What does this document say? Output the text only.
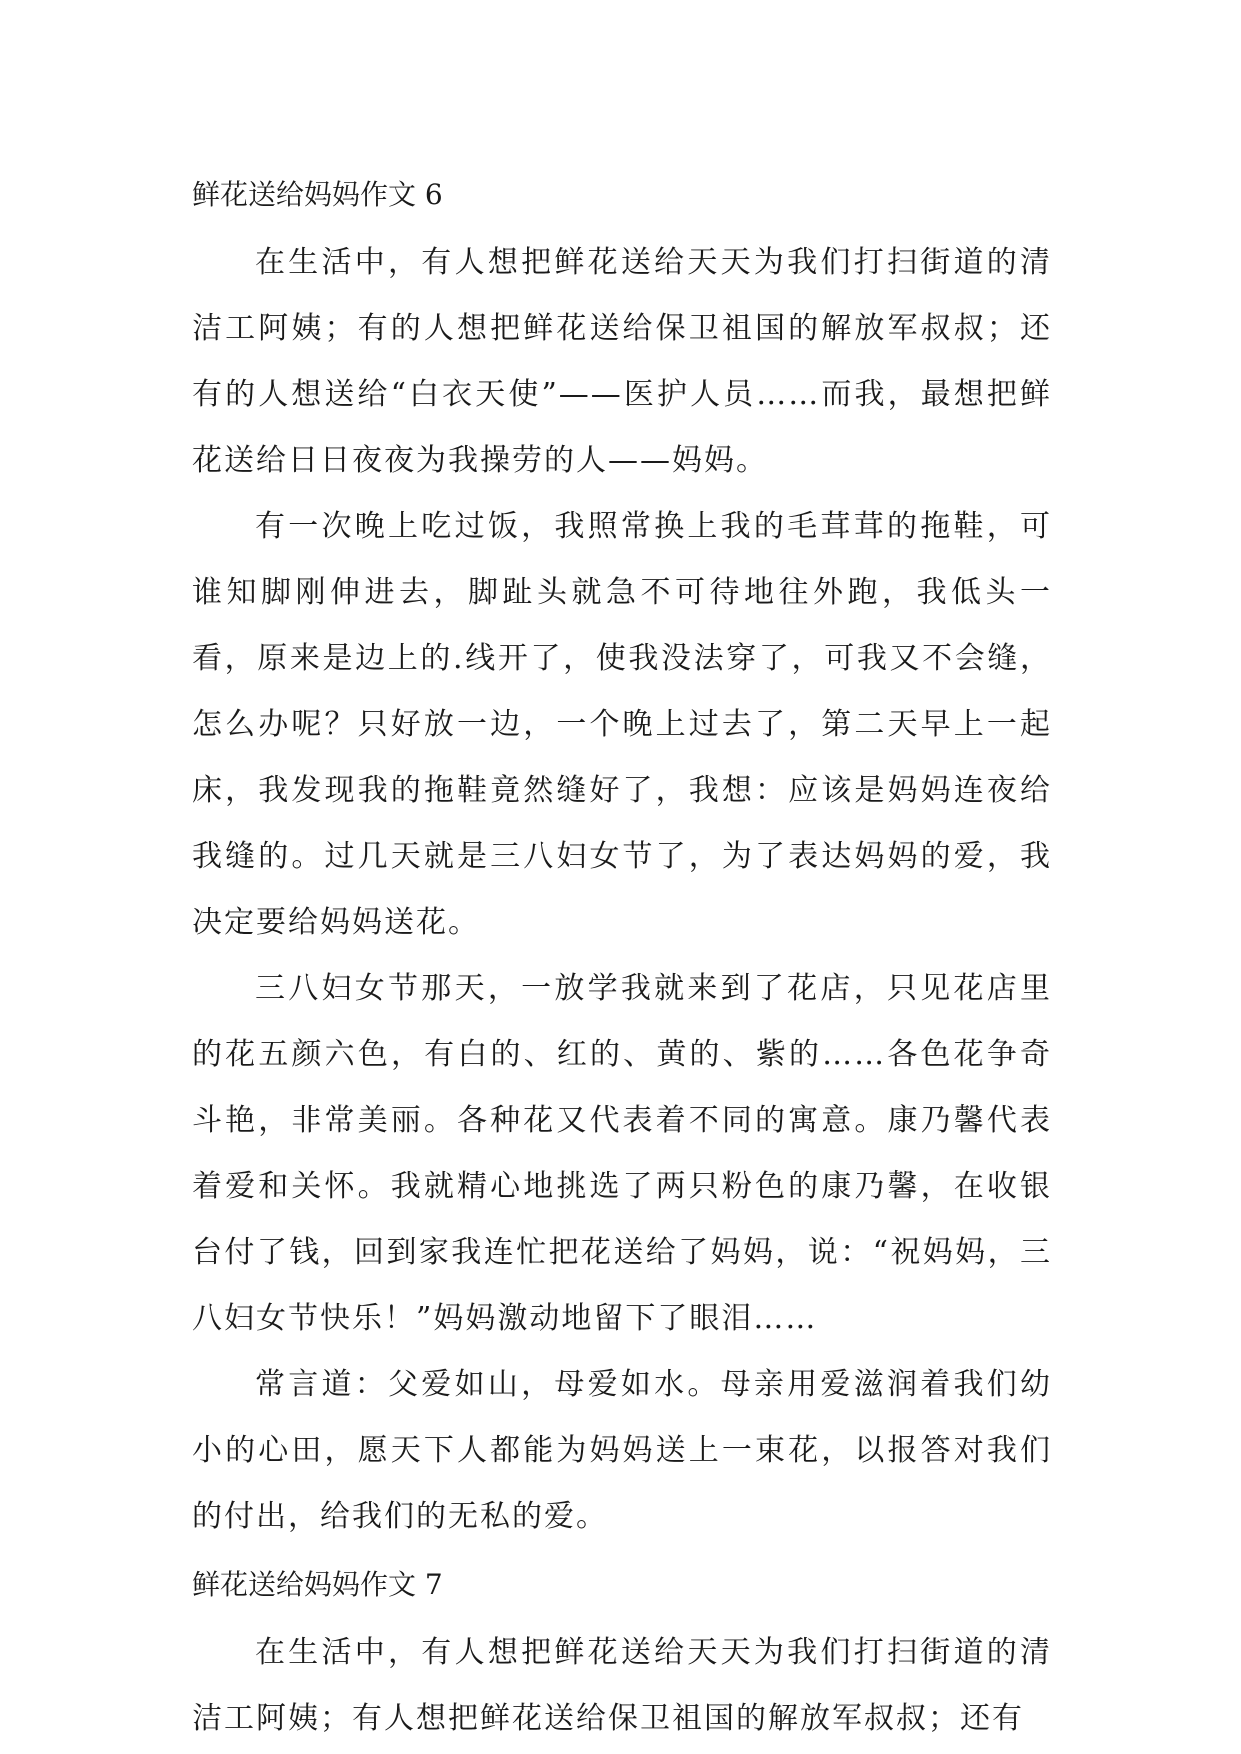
鲜花送给妈妈作文 6

在生活中，有人想把鲜花送给天天为我们打扫街道的清洁工阿姨；有的人想把鲜花送给保卫祖国的解放军叔叔；还有的人想送给“白衣天使”——医护人员……而我，最想把鲜花送给日日夜夜为我操劳的人——妈妈。

有一次晚上吃过饭，我照常换上我的毛茸茸的拖鞋，可谁知脚刚伸进去，脚趾头就急不可待地往外跑，我低头一看，原来是边上的.线开了，使我没法穿了，可我又不会缝，怎么办呢？只好放一边，一个晚上过去了，第二天早上一起床，我发现我的拖鞋竟然缝好了，我想：应该是妈妈连夜给我缝的。过几天就是三八妇女节了，为了表达妈妈的爱，我决定要给妈妈送花。

三八妇女节那天，一放学我就来到了花店，只见花店里的花五颜六色，有白的、红的、黄的、紫的……各色花争奇斗艳，非常美丽。各种花又代表着不同的寓意。康乃馨代表着爱和关怀。我就精心地挑选了两只粉色的康乃馨，在收银台付了钱，回到家我连忙把花送给了妈妈，说：“祝妈妈，三八妇女节快乐！”妈妈激动地留下了眼泪……

常言道：父爱如山，母爱如水。母亲用爱滋润着我们幼小的心田，愿天下人都能为妈妈送上一束花，以报答对我们的付出，给我们的无私的爱。

鲜花送给妈妈作文 7

在生活中，有人想把鲜花送给天天为我们打扫街道的清洁工阿姨；有人想把鲜花送给保卫祖国的解放军叔叔；还有
